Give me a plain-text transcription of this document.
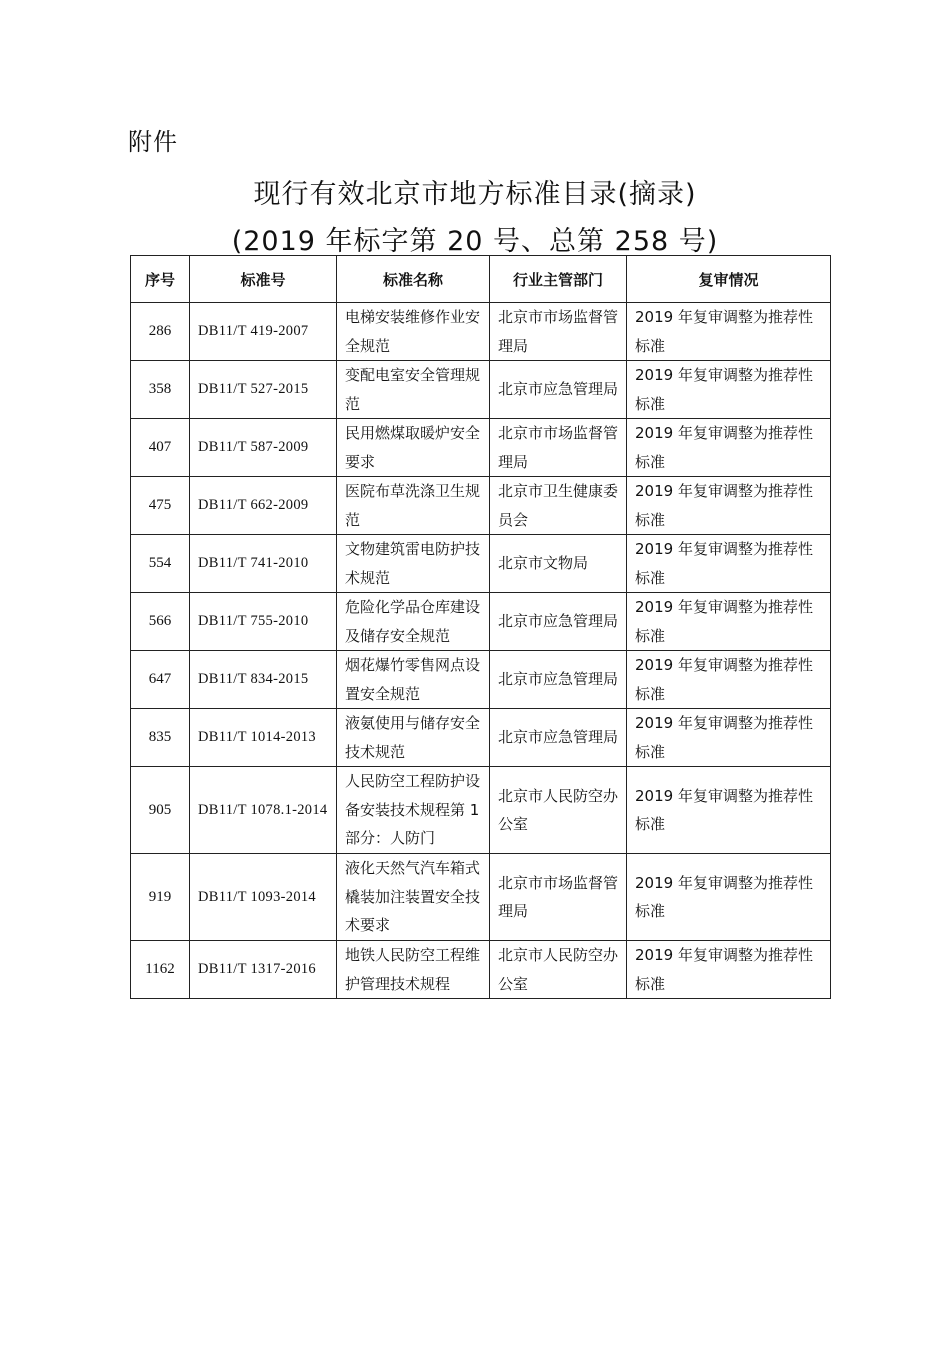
附件
现行有效北京市地方标准目录(摘录)
(2019 年标字第 20 号、总第 258 号)
序号	标准号	标准名称	行业主管部门	复审情况
286	DB11/T 419-2007	电梯安装维修作业安全规范	北京市市场监督管理局	2019 年复审调整为推荐性标准
358	DB11/T 527-2015	变配电室安全管理规范	北京市应急管理局	2019 年复审调整为推荐性标准
407	DB11/T 587-2009	民用燃煤取暖炉安全要求	北京市市场监督管理局	2019 年复审调整为推荐性标准
475	DB11/T 662-2009	医院布草洗涤卫生规范	北京市卫生健康委员会	2019 年复审调整为推荐性标准
554	DB11/T 741-2010	文物建筑雷电防护技术规范	北京市文物局	2019 年复审调整为推荐性标准
566	DB11/T 755-2010	危险化学品仓库建设及储存安全规范	北京市应急管理局	2019 年复审调整为推荐性标准
647	DB11/T 834-2015	烟花爆竹零售网点设置安全规范	北京市应急管理局	2019 年复审调整为推荐性标准
835	DB11/T 1014-2013	液氨使用与储存安全技术规范	北京市应急管理局	2019 年复审调整为推荐性标准
905	DB11/T 1078.1-2014	人民防空工程防护设备安装技术规程第 1 部分：人防门	北京市人民防空办公室	2019 年复审调整为推荐性标准
919	DB11/T 1093-2014	液化天然气汽车箱式橇装加注装置安全技术要求	北京市市场监督管理局	2019 年复审调整为推荐性标准
1162	DB11/T 1317-2016	地铁人民防空工程维护管理技术规程	北京市人民防空办公室	2019 年复审调整为推荐性标准
